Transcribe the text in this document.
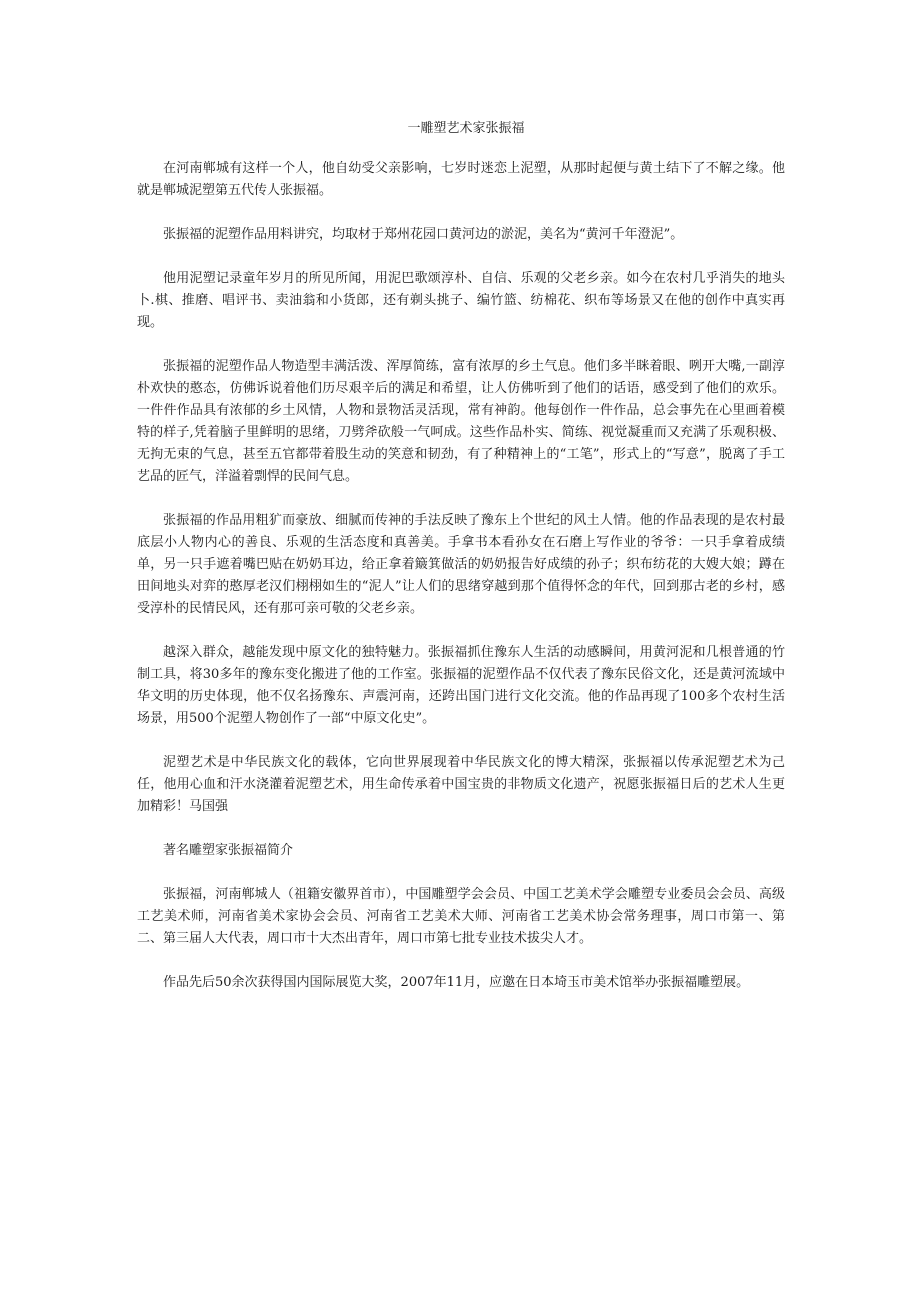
一雕塑艺术家张振福

在河南郸城有这样一个人，他自幼受父亲影响，七岁时迷恋上泥塑，从那时起便与黄土结下了不解之缘。他就是郸城泥塑第五代传人张振福。

张振福的泥塑作品用料讲究，均取材于郑州花园口黄河边的淤泥，美名为“黄河千年澄泥”。

他用泥塑记录童年岁月的所见所闻，用泥巴歌颂淳朴、自信、乐观的父老乡亲。如今在农村几乎消失的地头卜.棋、推磨、唱评书、卖油翁和小货郎，还有剃头挑子、编竹篮、纺棉花、织布等场景又在他的创作中真实再现。

张振福的泥塑作品人物造型丰满活泼、浑厚简练，富有浓厚的乡土气息。他们多半眯着眼、咧开大嘴,一副淳朴欢快的憨态，仿佛诉说着他们历尽艰辛后的满足和希望，让人仿佛听到了他们的话语，感受到了他们的欢乐。一件件作品具有浓郁的乡土风情，人物和景物活灵活现，常有神韵。他每创作一件作品，总会事先在心里画着模特的样子,凭着脑子里鲜明的思绪，刀劈斧砍般一气呵成。这些作品朴实、简练、视觉凝重而又充满了乐观积极、无拘无束的气息，甚至五官都带着股生动的笑意和韧劲，有了种精神上的“工笔”，形式上的“写意”，脱离了手工艺品的匠气，洋溢着剽悍的民间气息。

张振福的作品用粗犷而豪放、细腻而传神的手法反映了豫东上个世纪的风土人情。他的作品表现的是农村最底层小人物内心的善良、乐观的生活态度和真善美。手拿书本看孙女在石磨上写作业的爷爷：一只手拿着成绩单，另一只手遮着嘴巴贴在奶奶耳边，给正拿着簸箕做活的奶奶报告好成绩的孙子；织布纺花的大嫂大娘；蹲在田间地头对弈的憨厚老汉们栩栩如生的“泥人”让人们的思绪穿越到那个值得怀念的年代，回到那古老的乡村，感受淳朴的民情民风，还有那可亲可敬的父老乡亲。

越深入群众，越能发现中原文化的独特魅力。张振福抓住豫东人生活的动感瞬间，用黄河泥和几根普通的竹制工具，将30多年的豫东变化搬进了他的工作室。张振福的泥塑作品不仅代表了豫东民俗文化，还是黄河流域中华文明的历史体现，他不仅名扬豫东、声震河南，还跨出国门进行文化交流。他的作品再现了100多个农村生活场景，用500个泥塑人物创作了一部“中原文化史”。

泥塑艺术是中华民族文化的载体，它向世界展现着中华民族文化的博大精深，张振福以传承泥塑艺术为己任，他用心血和汗水浇灌着泥塑艺术，用生命传承着中国宝贵的非物质文化遗产，祝愿张振福日后的艺术人生更加精彩！马国强

著名雕塑家张振福简介

张振福，河南郸城人（祖籍安徽界首市），中国雕塑学会会员、中国工艺美术学会雕塑专业委员会会员、高级工艺美术师，河南省美术家协会会员、河南省工艺美术大师、河南省工艺美术协会常务理事，周口市第一、第二、第三届人大代表，周口市十大杰出青年，周口市第七批专业技术拔尖人才。

作品先后50余次获得国内国际展览大奖，2007年11月，应邀在日本埼玉市美术馆举办张振福雕塑展。
